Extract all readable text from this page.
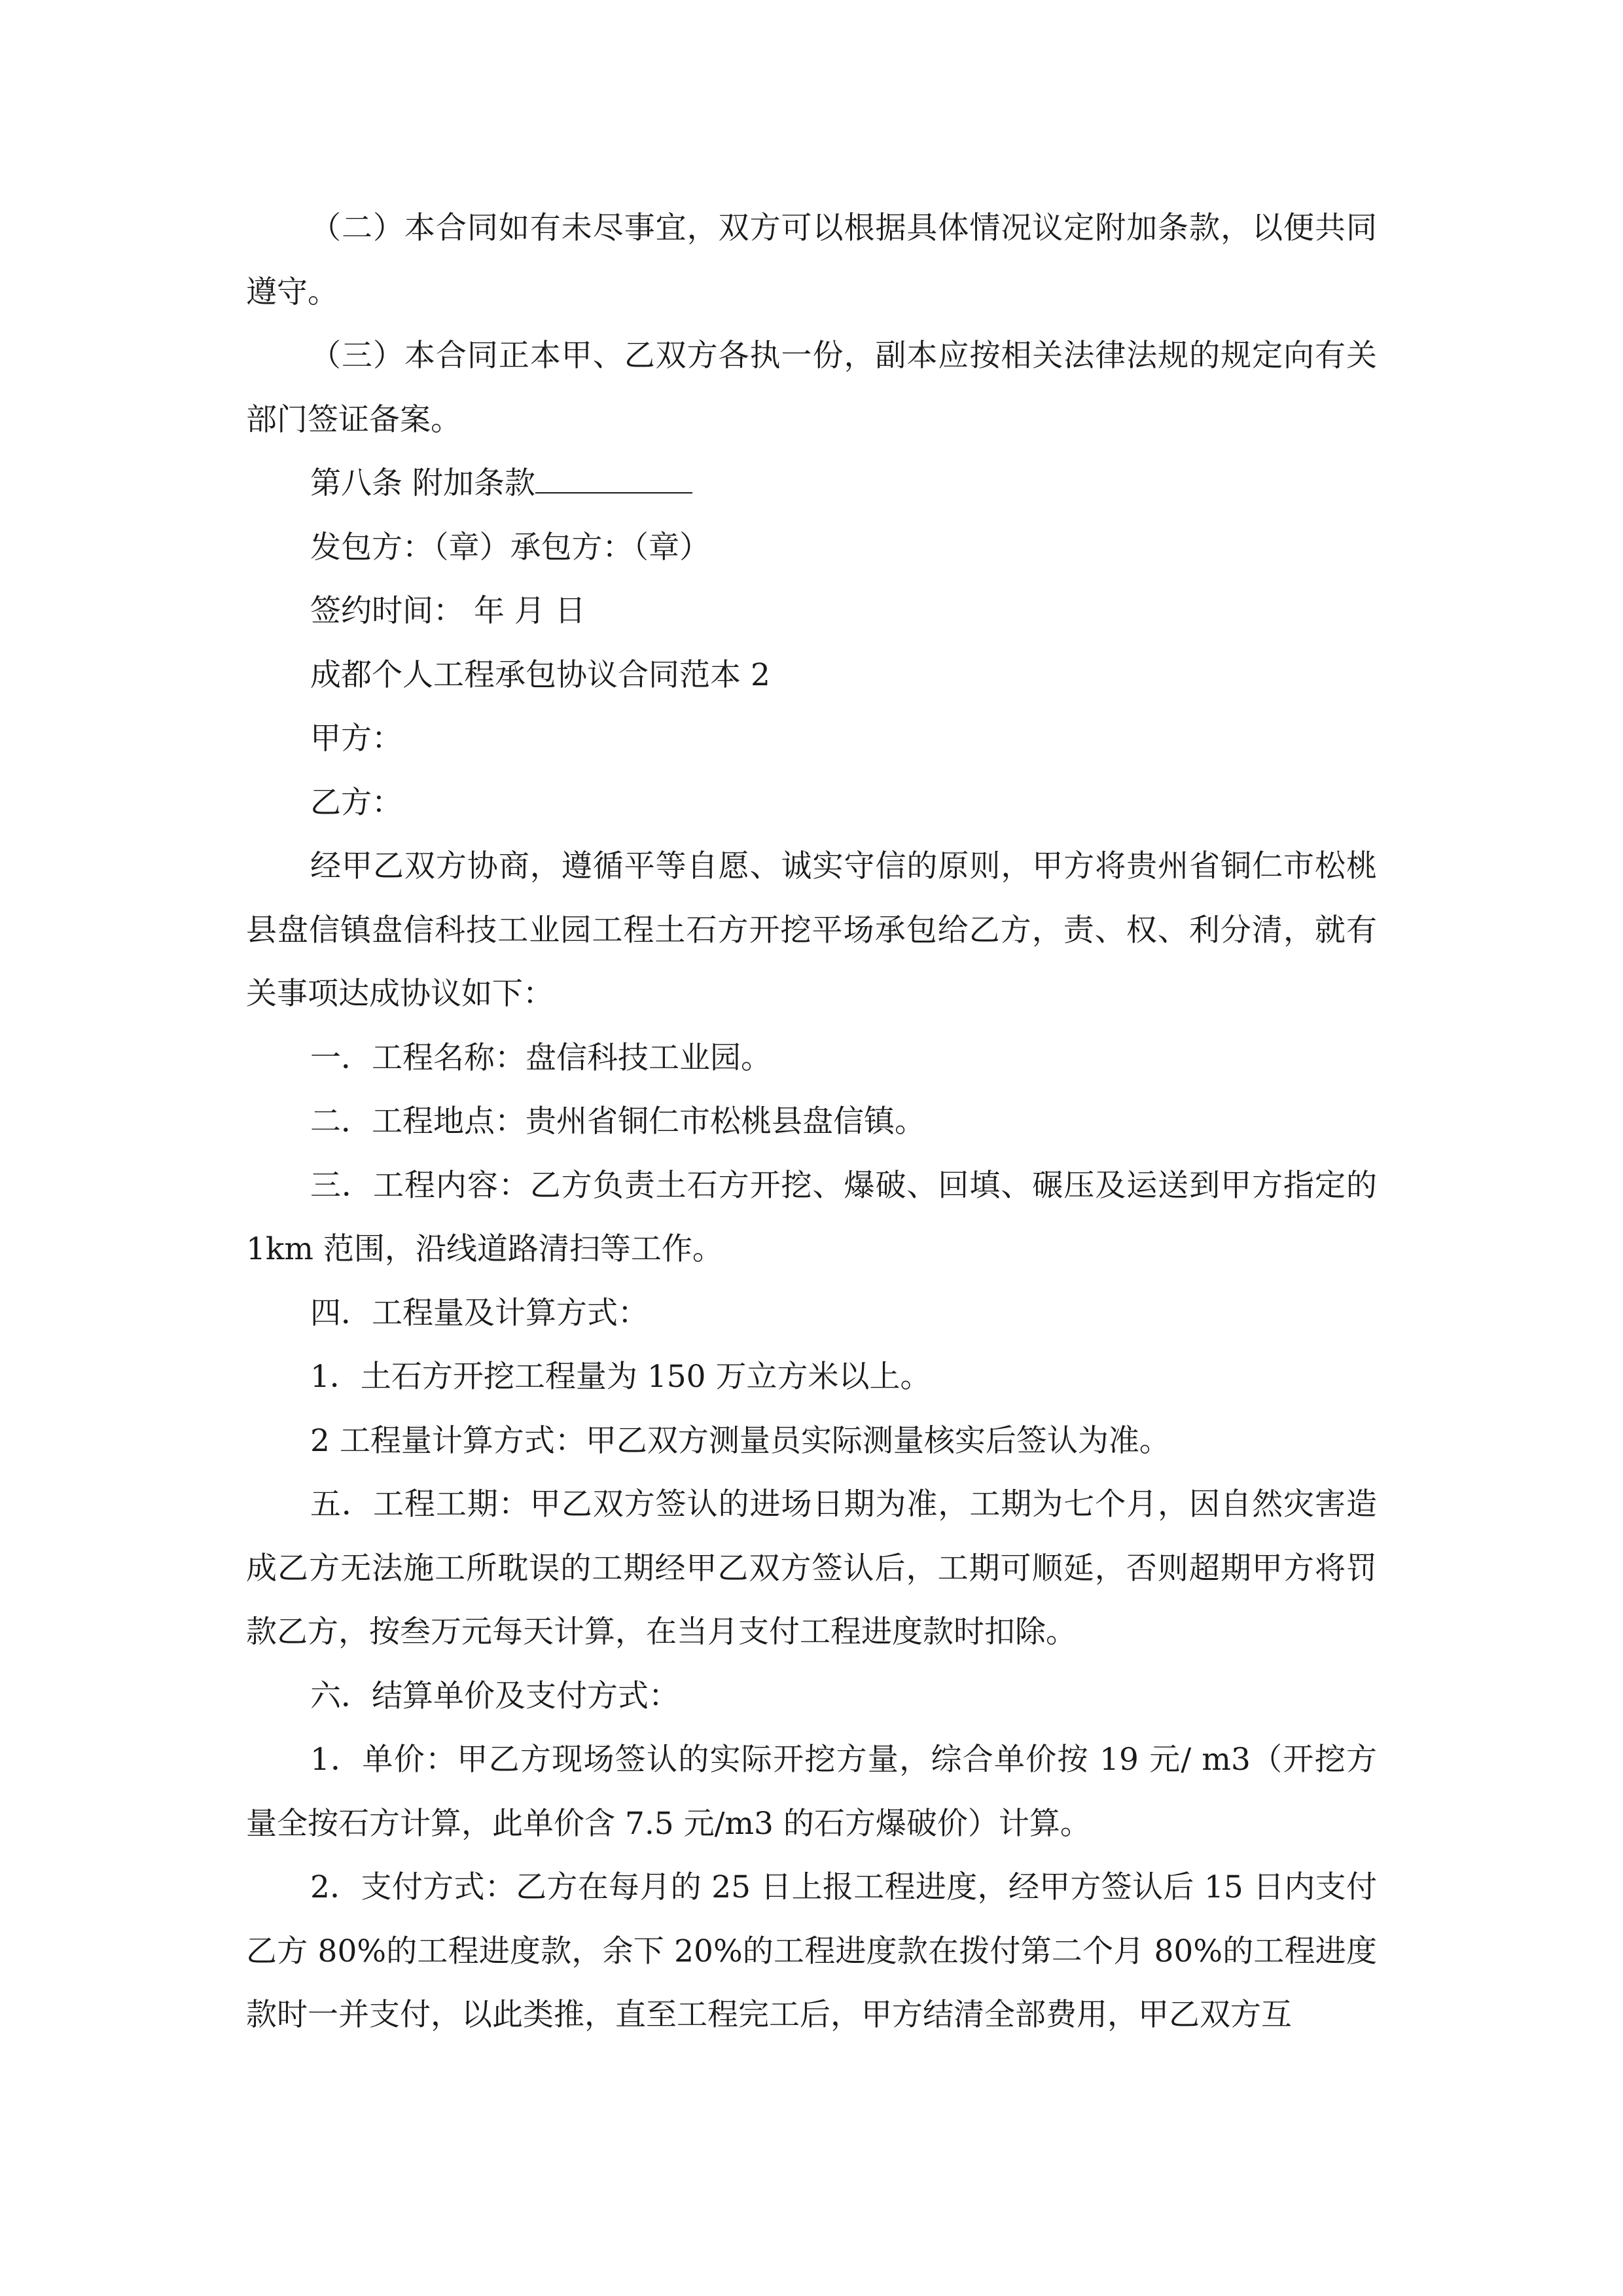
（二）本合同如有未尽事宜，双方可以根据具体情况议定附加条款，以便共同遵守。

（三）本合同正本甲、乙双方各执一份，副本应按相关法律法规的规定向有关部门签证备案。

第八条 附加条款

发包方：（章）承包方：（章）

签约时间： 年 月 日

成都个人工程承包协议合同范本 2

甲方：

乙方：

经甲乙双方协商，遵循平等自愿、诚实守信的原则，甲方将贵州省铜仁市松桃县盘信镇盘信科技工业园工程土石方开挖平场承包给乙方，责、权、利分清，就有关事项达成协议如下：

一．工程名称：盘信科技工业园。

二．工程地点：贵州省铜仁市松桃县盘信镇。

三．工程内容：乙方负责土石方开挖、爆破、回填、碾压及运送到甲方指定的 1km 范围，沿线道路清扫等工作。

四．工程量及计算方式：

1．土石方开挖工程量为 150 万立方米以上。

2 工程量计算方式：甲乙双方测量员实际测量核实后签认为准。

五．工程工期：甲乙双方签认的进场日期为准，工期为七个月，因自然灾害造成乙方无法施工所耽误的工期经甲乙双方签认后，工期可顺延，否则超期甲方将罚款乙方，按叁万元每天计算，在当月支付工程进度款时扣除。

六．结算单价及支付方式：

1．单价：甲乙方现场签认的实际开挖方量，综合单价按 19 元/ m3（开挖方量全按石方计算，此单价含 7.5 元/m3 的石方爆破价）计算。

2．支付方式：乙方在每月的 25 日上报工程进度，经甲方签认后 15 日内支付乙方 80%的工程进度款，余下 20%的工程进度款在拨付第二个月 80%的工程进度款时一并支付，以此类推，直至工程完工后，甲方结清全部费用，甲乙双方互
